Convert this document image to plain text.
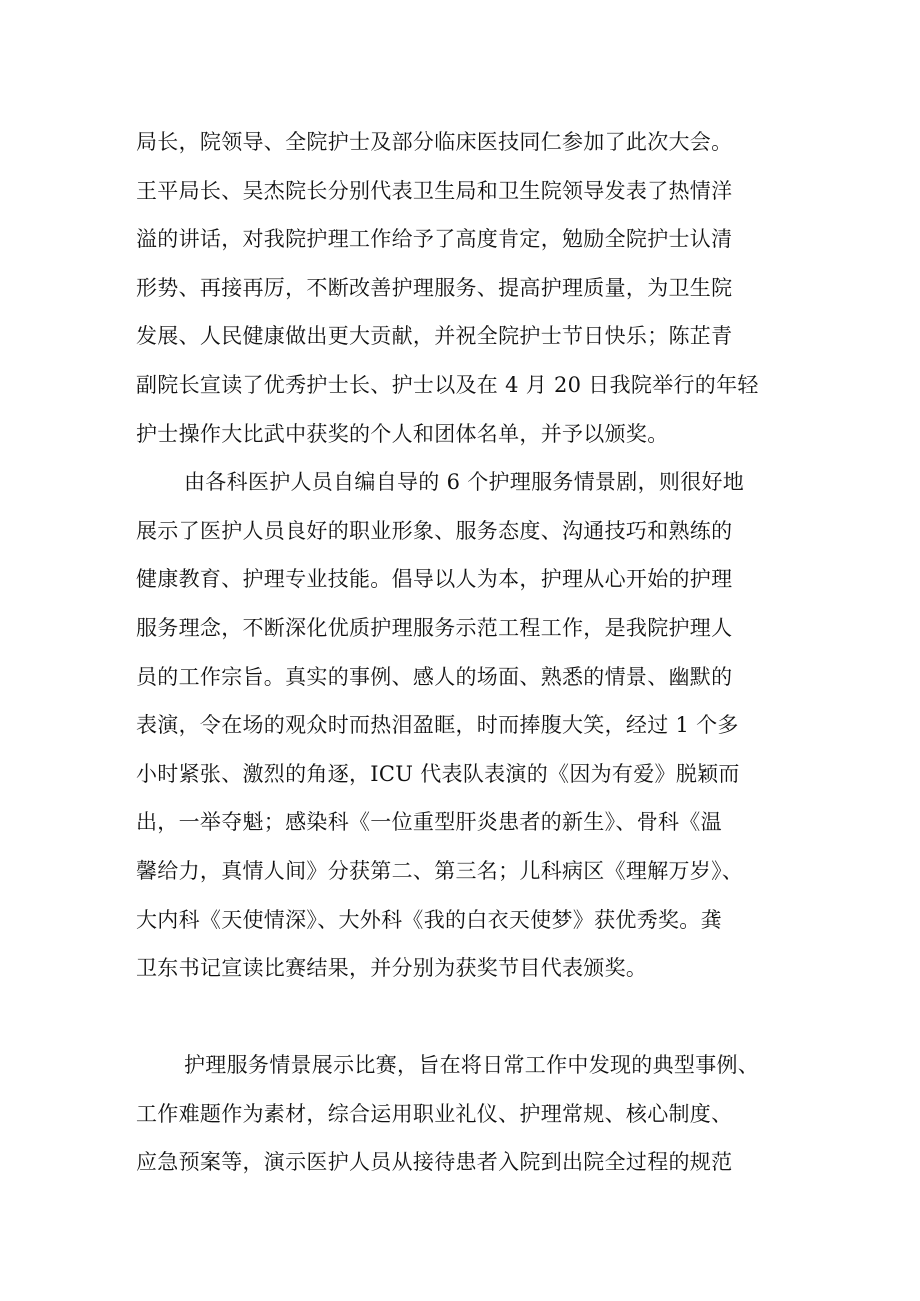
局长，院领导、全院护士及部分临床医技同仁参加了此次大会。
王平局长、吴杰院长分别代表卫生局和卫生院领导发表了热情洋
溢的讲话，对我院护理工作给予了高度肯定，勉励全院护士认清
形势、再接再厉，不断改善护理服务、提高护理质量，为卫生院
发展、人民健康做出更大贡献，并祝全院护士节日快乐；陈芷青
副院长宣读了优秀护士长、护士以及在 4 月 20 日我院举行的年轻
护士操作大比武中获奖的个人和团体名单，并予以颁奖。
由各科医护人员自编自导的 6 个护理服务情景剧，则很好地
展示了医护人员良好的职业形象、服务态度、沟通技巧和熟练的
健康教育、护理专业技能。倡导以人为本，护理从心开始的护理
服务理念，不断深化优质护理服务示范工程工作，是我院护理人
员的工作宗旨。真实的事例、感人的场面、熟悉的情景、幽默的
表演，令在场的观众时而热泪盈眶，时而捧腹大笑，经过 1 个多
小时紧张、激烈的角逐，ICU 代表队表演的《因为有爱》脱颖而
出，一举夺魁；感染科《一位重型肝炎患者的新生》、骨科《温
馨给力，真情人间》分获第二、第三名；儿科病区《理解万岁》、
大内科《天使情深》、大外科《我的白衣天使梦》获优秀奖。龚
卫东书记宣读比赛结果，并分别为获奖节目代表颁奖。
护理服务情景展示比赛，旨在将日常工作中发现的典型事例、
工作难题作为素材，综合运用职业礼仪、护理常规、核心制度、
应急预案等，演示医护人员从接待患者入院到出院全过程的规范
